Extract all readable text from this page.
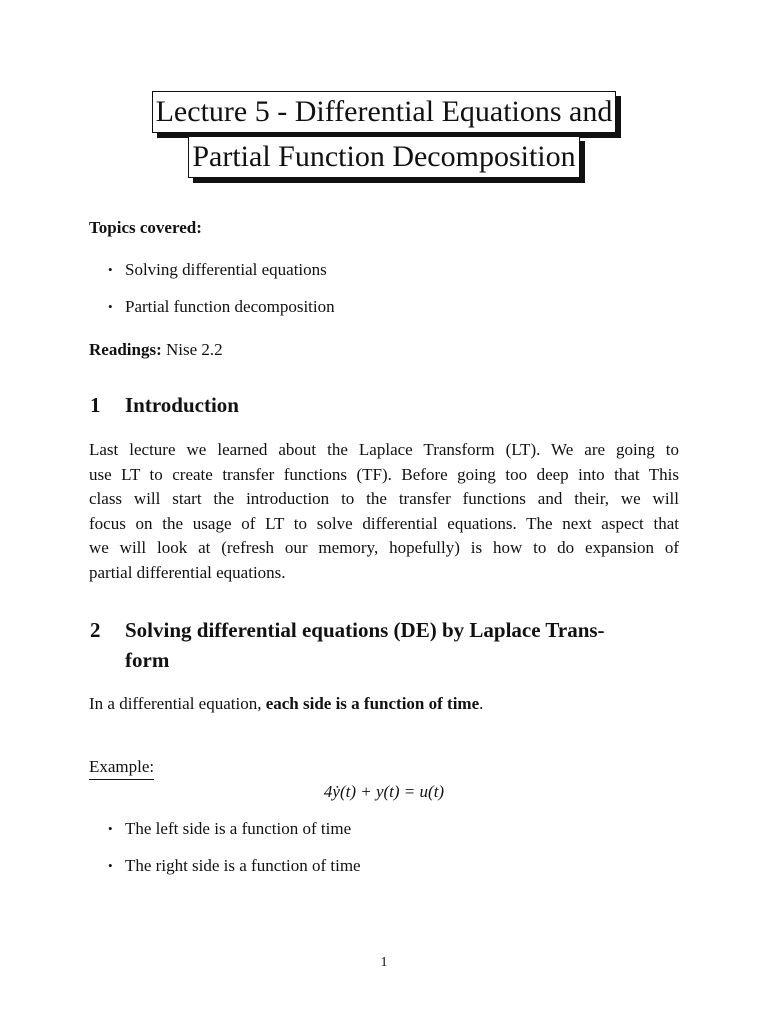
Lecture 5 - Differential Equations and
Partial Function Decomposition
Topics covered:
• Solving differential equations
• Partial function decomposition
Readings: Nise 2.2
1 Introduction
Last lecture we learned about the Laplace Transform (LT). We are going to
use LT to create transfer functions (TF). Before going too deep into that This
class will start the introduction to the transfer functions and their, we will
focus on the usage of LT to solve differential equations. The next aspect that
we will look at (refresh our memory, hopefully) is how to do expansion of
partial differential equations.
2 Solving differential equations (DE) by Laplace Trans-
form
In a differential equation, each side is a function of time.
Example:
4ẏ(t) + y(t) = u(t)
• The left side is a function of time
• The right side is a function of time
1
